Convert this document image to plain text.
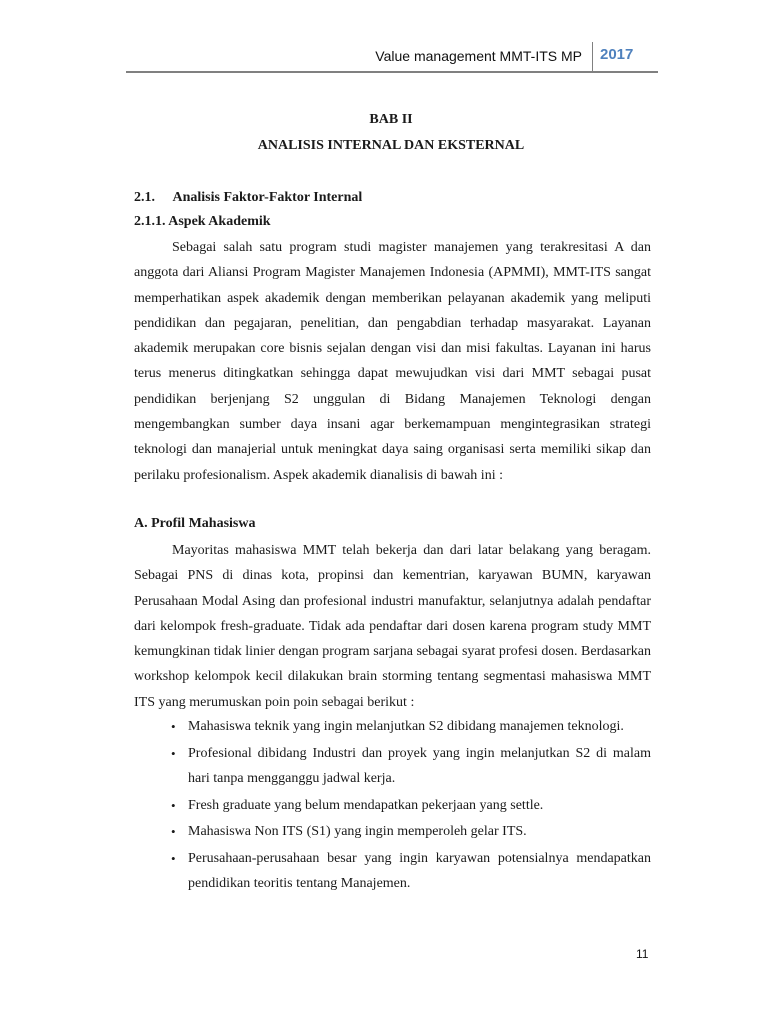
Value management MMT-ITS MP 2017
BAB II
ANALISIS INTERNAL DAN EKSTERNAL
2.1.     Analisis Faktor-Faktor Internal
2.1.1. Aspek Akademik

Sebagai salah satu program studi magister manajemen yang terakresitasi A dan anggota dari Aliansi Program Magister Manajemen Indonesia (APMMI), MMT-ITS sangat memperhatikan aspek akademik dengan memberikan pelayanan akademik yang meliputi pendidikan dan pegajaran, penelitian, dan pengabdian terhadap masyarakat. Layanan akademik merupakan core bisnis sejalan dengan visi dan misi fakultas. Layanan ini harus terus menerus ditingkatkan sehingga dapat mewujudkan visi dari MMT sebagai pusat pendidikan berjenjang S2 unggulan di Bidang Manajemen Teknologi dengan mengembangkan sumber daya insani agar berkemampuan mengintegrasikan strategi teknologi dan manajerial untuk meningkat daya saing organisasi serta memiliki sikap dan perilaku profesionalism. Aspek akademik dianalisis di bawah ini :

A. Profil Mahasiswa

Mayoritas mahasiswa MMT telah bekerja dan dari latar belakang yang beragam. Sebagai PNS di dinas kota, propinsi dan kementrian, karyawan BUMN, karyawan Perusahaan Modal Asing dan profesional industri manufaktur, selanjutnya adalah pendaftar dari kelompok fresh-graduate. Tidak ada pendaftar dari dosen karena program study MMT kemungkinan tidak linier dengan program sarjana sebagai syarat profesi dosen. Berdasarkan workshop kelompok kecil dilakukan brain storming tentang segmentasi mahasiswa MMT ITS yang merumuskan poin poin sebagai berikut :

• Mahasiswa teknik yang ingin melanjutkan S2 dibidang manajemen teknologi.
• Profesional dibidang Industri dan proyek yang ingin melanjutkan S2 di malam hari tanpa mengganggu jadwal kerja.
• Fresh graduate yang belum mendapatkan pekerjaan yang settle.
• Mahasiswa Non ITS (S1) yang ingin memperoleh gelar ITS.
• Perusahaan-perusahaan besar yang ingin karyawan potensialnya mendapatkan pendidikan teoritis tentang Manajemen.
11
